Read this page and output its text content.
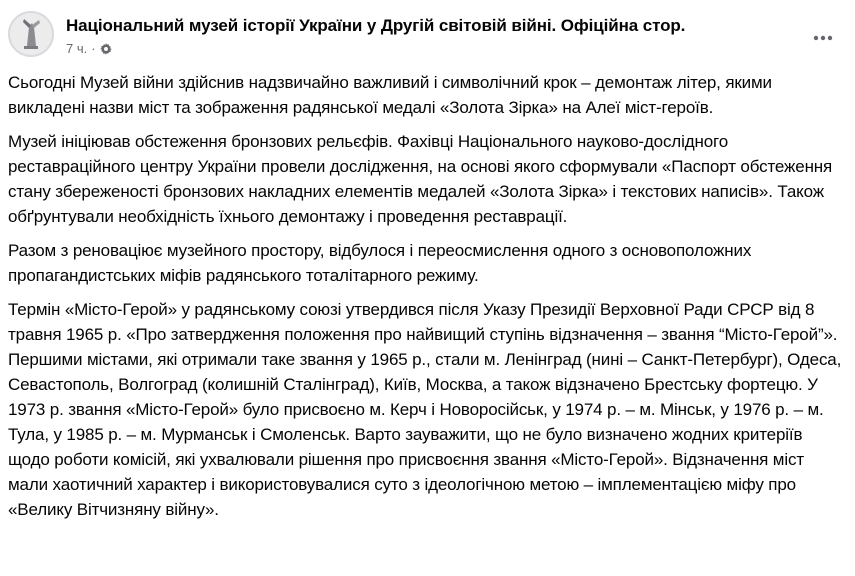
Національний музей історії України у Другій світовій війні. Офіційна стор.
7 ч. ·

Сьогодні Музей війни здійснив надзвичайно важливий і символічний крок – демонтаж літер, якими викладені назви міст та зображення радянської медалі «Золота Зірка» на Алеї міст-героїв.

Музей ініціював обстеження бронзових рельєфів. Фахівці Національного науково-дослідного реставраційного центру України провели дослідження, на основі якого сформували «Паспорт обстеження стану збереженості бронзових накладних елементів медалей «Золота Зірка» і текстових написів». Також обґрунтували необхідність їхнього демонтажу і проведення реставрації.

Разом з реноваціює музейного простору, відбулося і переосмислення одного з основоположних пропагандистських міфів радянського тоталітарного режиму.

Термін «Місто-Герой» у радянському союзі утвердився після Указу Президії Верховної Ради СРСР від 8 травня 1965 р. «Про затвердження положення про найвищий ступінь відзначення – звання “Місто-Герой”». Першими містами, які отримали таке звання у 1965 р., стали м. Ленінград (нині – Санкт-Петербург), Одеса, Севастополь, Волгоград (колишній Сталінград), Київ, Москва, а також відзначено Брестську фортецю. У 1973 р. звання «Місто-Герой» було присвоєно м. Керч і Новоросійськ, у 1974 р. – м. Мінськ, у 1976 р. – м. Тула, у 1985 р. – м. Мурманськ і Смоленськ. Варто зауважити, що не було визначено жодних критеріїв щодо роботи комісій, які ухвалювали рішення про присвоєння звання «Місто-Герой». Відзначення міст мали хаотичний характер і використовувалися суто з ідеологічною метою – імплементацією міфу про «Велику Вітчизняну війну».
